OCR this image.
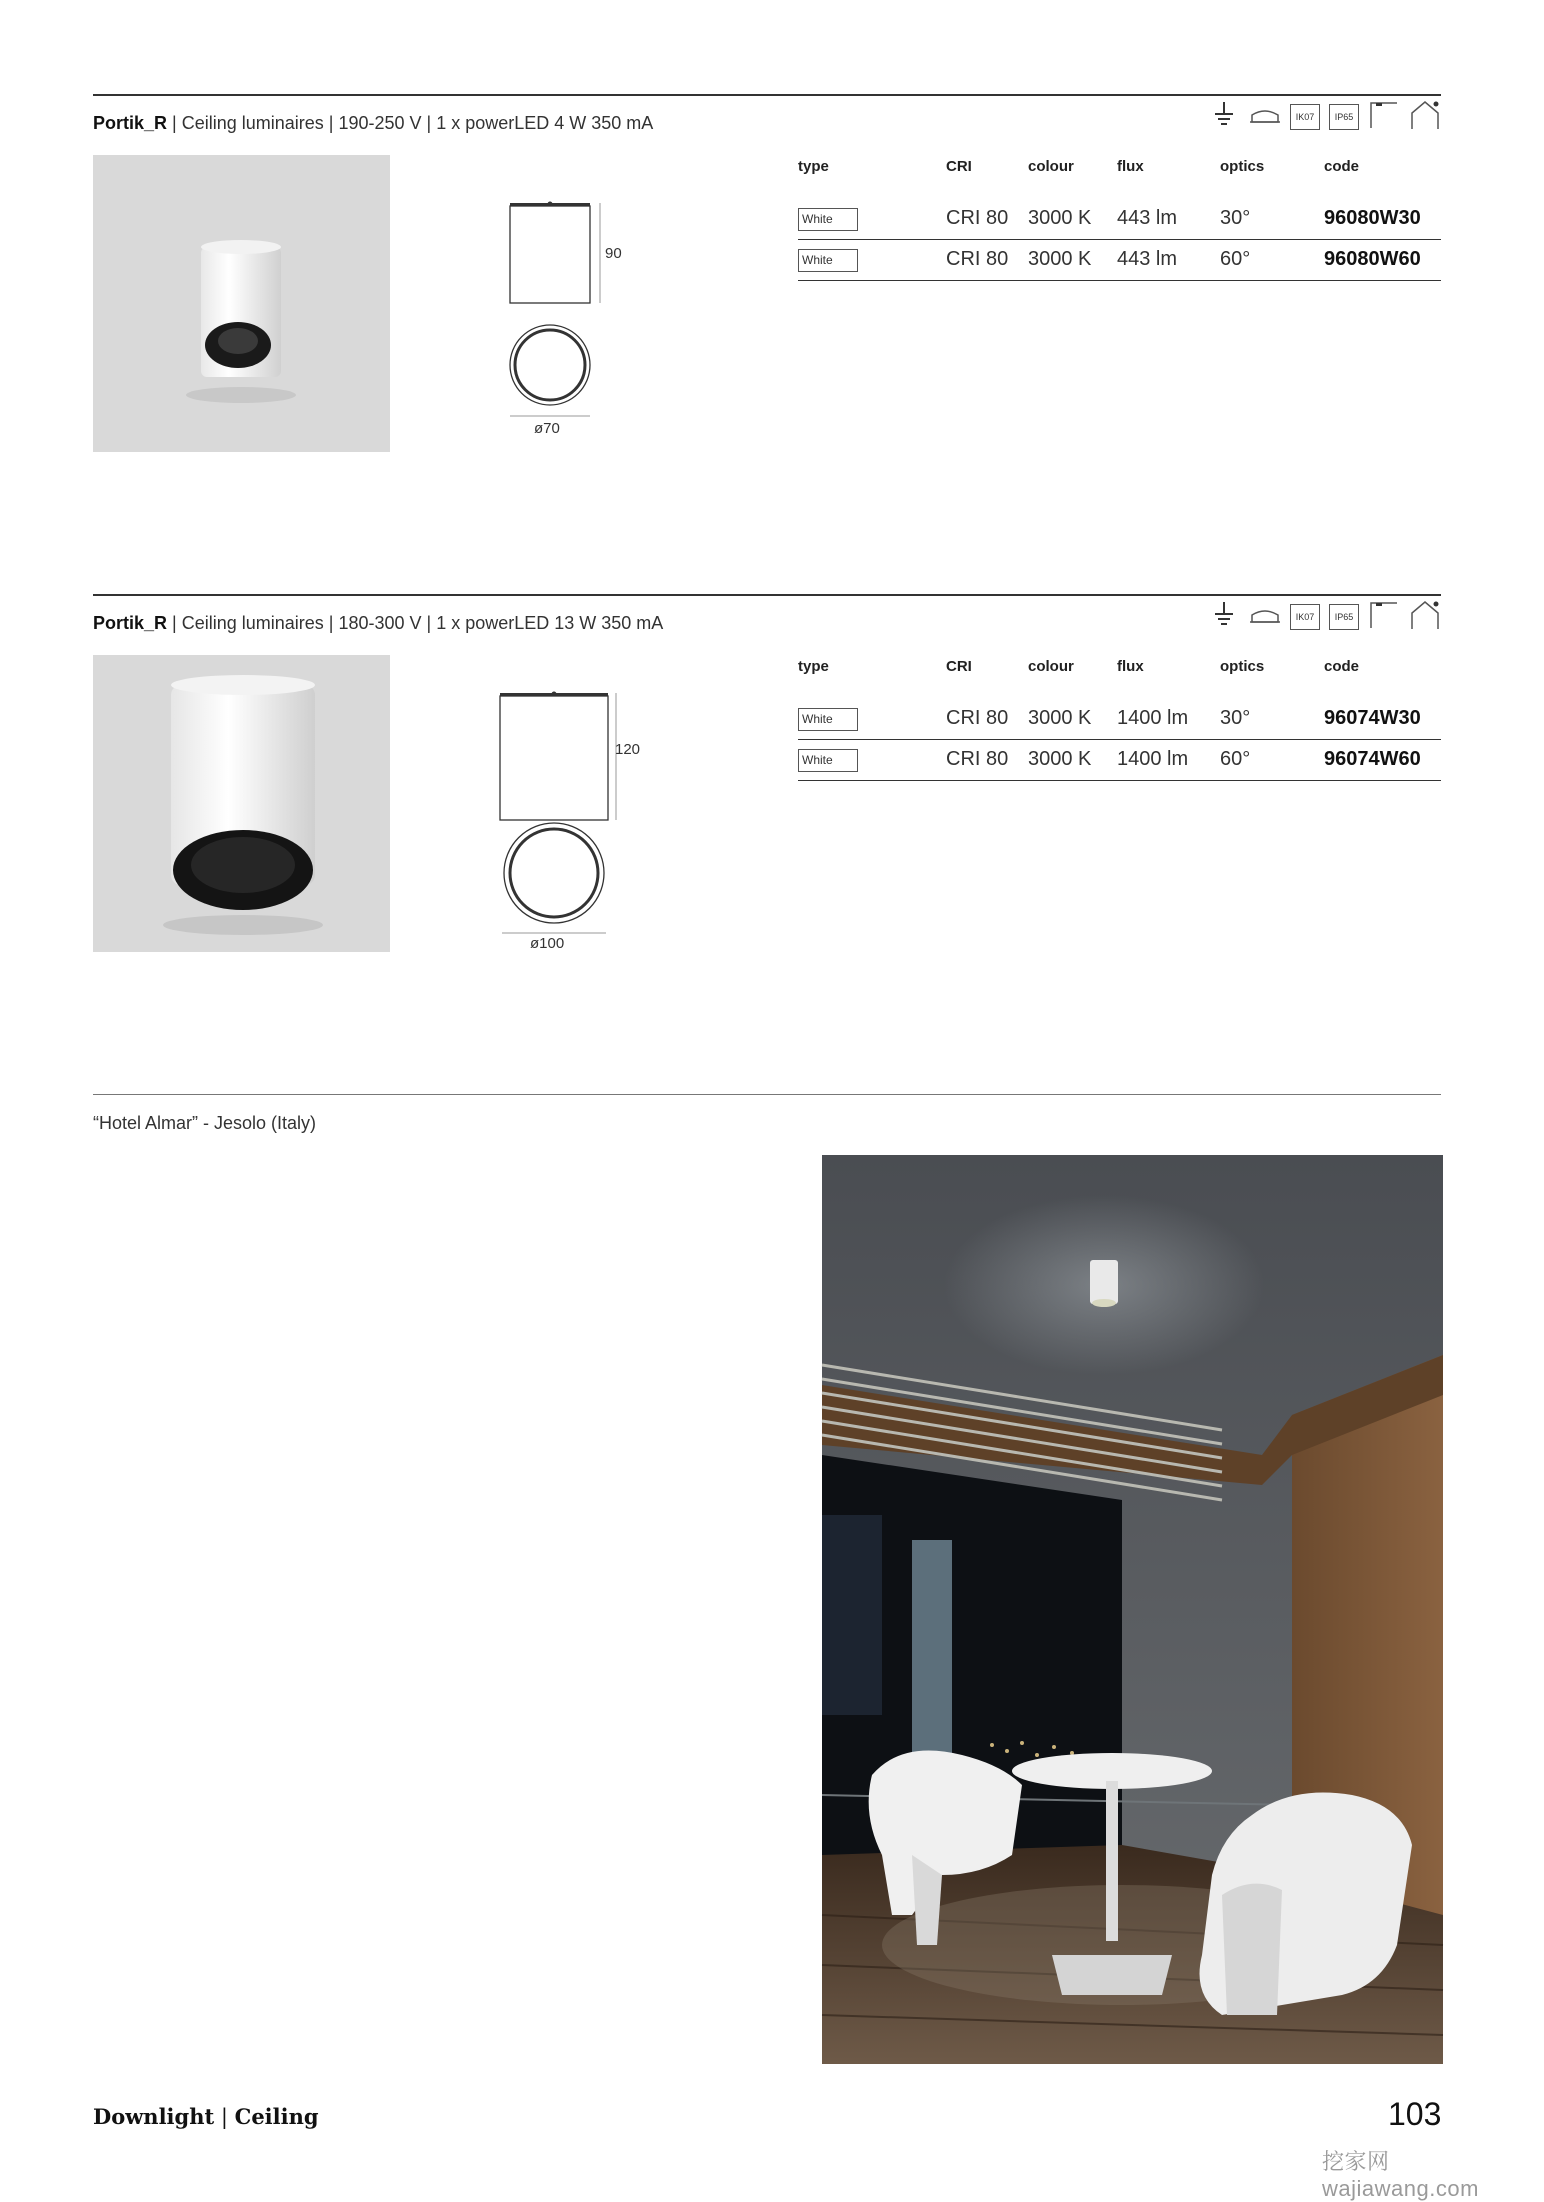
Portik_R | Ceiling luminaires | 190-250 V | 1 x powerLED 4 W 350 mA	IK07	IP65
90
ø70
type	CRI	colour	flux	optics	code
White	CRI 80	3000 K	443 lm	30°	96080W30
White	CRI 80	3000 K	443 lm	60°	96080W60
Portik_R | Ceiling luminaires | 180-300 V | 1 x powerLED 13 W 350 mA	IK07	IP65
120
ø100
type	CRI	colour	flux	optics	code
White	CRI 80	3000 K	1400 lm	30°	96074W30
White	CRI 80	3000 K	1400 lm	60°	96074W60
“Hotel Almar” - Jesolo (Italy)
Downlight | Ceiling	103
挖家网 wajiawang.com
